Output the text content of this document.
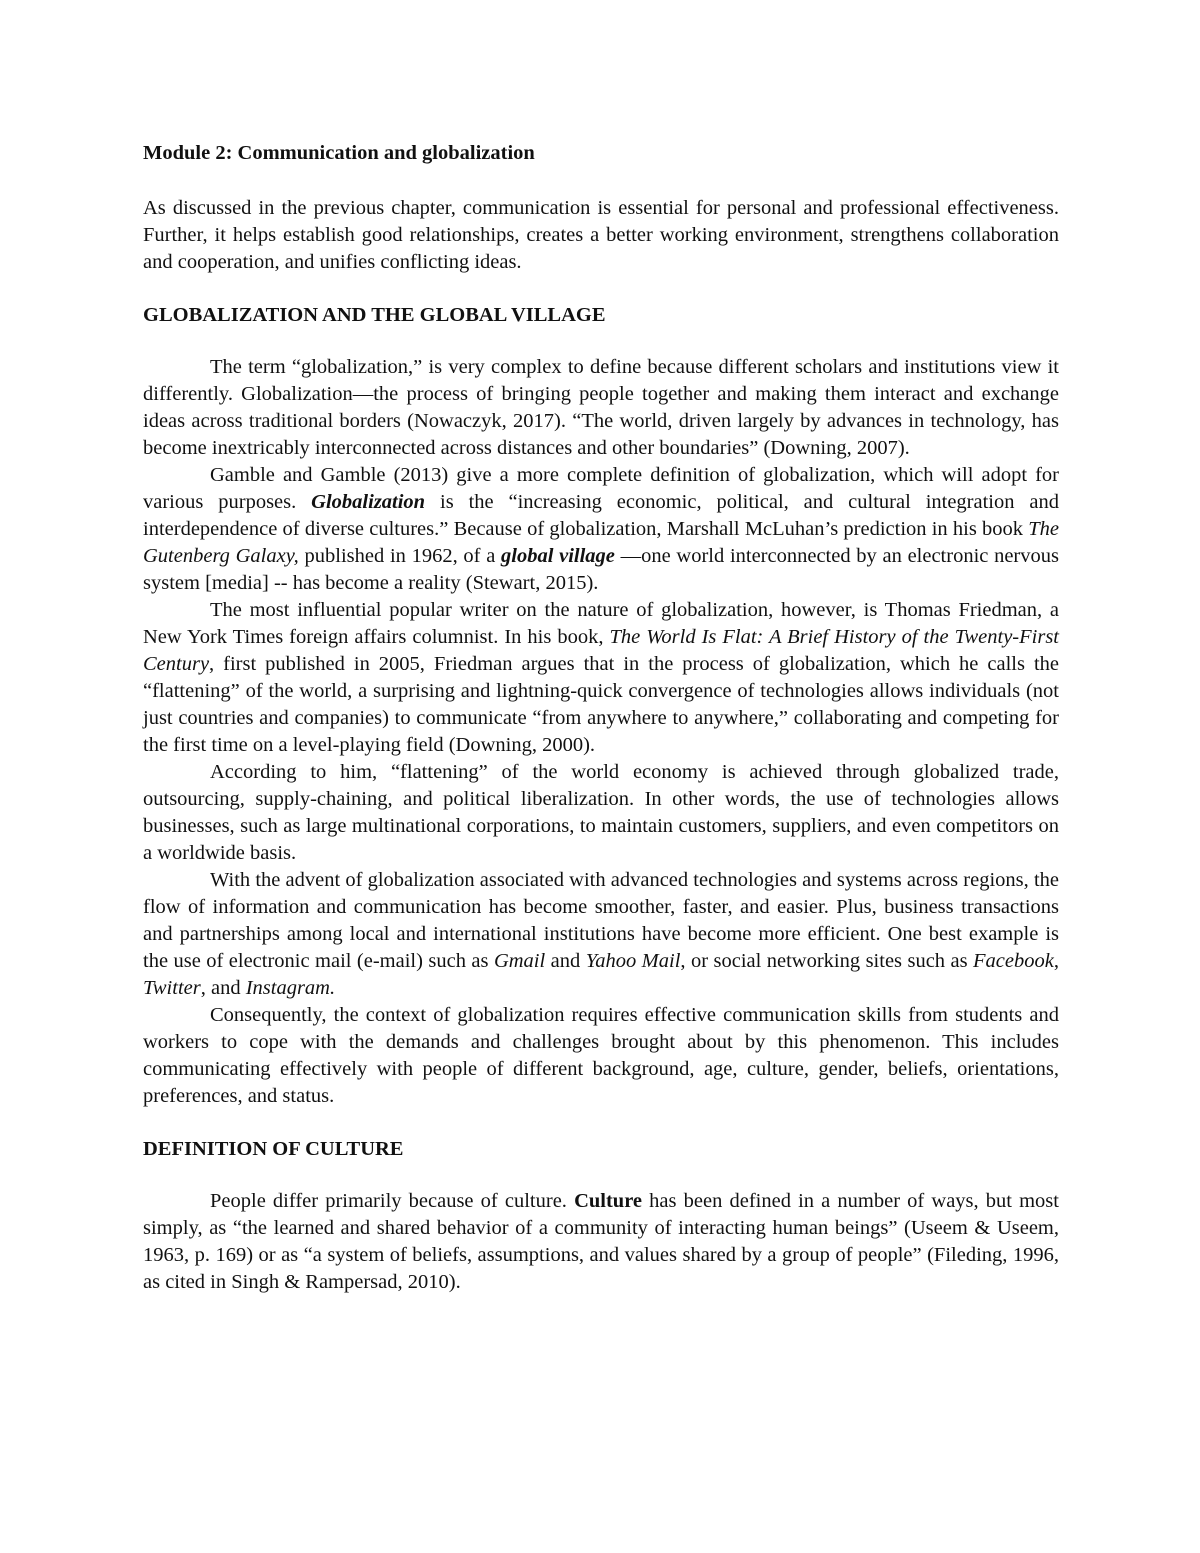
Module 2: Communication and globalization

As discussed in the previous chapter, communication is essential for personal and professional effectiveness. Further, it helps establish good relationships, creates a better working environment, strengthens collaboration and cooperation, and unifies conflicting ideas.

GLOBALIZATION AND THE GLOBAL VILLAGE

The term “globalization,” is very complex to define because different scholars and institutions view it differently. Globalization—the process of bringing people together and making them interact and exchange ideas across traditional borders (Nowaczyk, 2017). “The world, driven largely by advances in technology, has become inextricably interconnected across distances and other boundaries” (Downing, 2007).

Gamble and Gamble (2013) give a more complete definition of globalization, which will adopt for various purposes. Globalization is the “increasing economic, political, and cultural integration and interdependence of diverse cultures.” Because of globalization, Marshall McLuhan’s prediction in his book The Gutenberg Galaxy, published in 1962, of a global village —one world interconnected by an electronic nervous system [media] -- has become a reality (Stewart, 2015).

The most influential popular writer on the nature of globalization, however, is Thomas Friedman, a New York Times foreign affairs columnist. In his book, The World Is Flat: A Brief History of the Twenty-First Century, first published in 2005, Friedman argues that in the process of globalization, which he calls the “flattening” of the world, a surprising and lightning-quick convergence of technologies allows individuals (not just countries and companies) to communicate “from anywhere to anywhere,” collaborating and competing for the first time on a level-playing field (Downing, 2000).

According to him, “flattening” of the world economy is achieved through globalized trade, outsourcing, supply-chaining, and political liberalization. In other words, the use of technologies allows businesses, such as large multinational corporations, to maintain customers, suppliers, and even competitors on a worldwide basis.

With the advent of globalization associated with advanced technologies and systems across regions, the flow of information and communication has become smoother, faster, and easier. Plus, business transactions and partnerships among local and international institutions have become more efficient. One best example is the use of electronic mail (e-mail) such as Gmail and Yahoo Mail, or social networking sites such as Facebook, Twitter, and Instagram.

Consequently, the context of globalization requires effective communication skills from students and workers to cope with the demands and challenges brought about by this phenomenon. This includes communicating effectively with people of different background, age, culture, gender, beliefs, orientations, preferences, and status.

DEFINITION OF CULTURE

People differ primarily because of culture. Culture has been defined in a number of ways, but most simply, as “the learned and shared behavior of a community of interacting human beings” (Useem & Useem, 1963, p. 169) or as “a system of beliefs, assumptions, and values shared by a group of people” (Fileding, 1996, as cited in Singh & Rampersad, 2010).
